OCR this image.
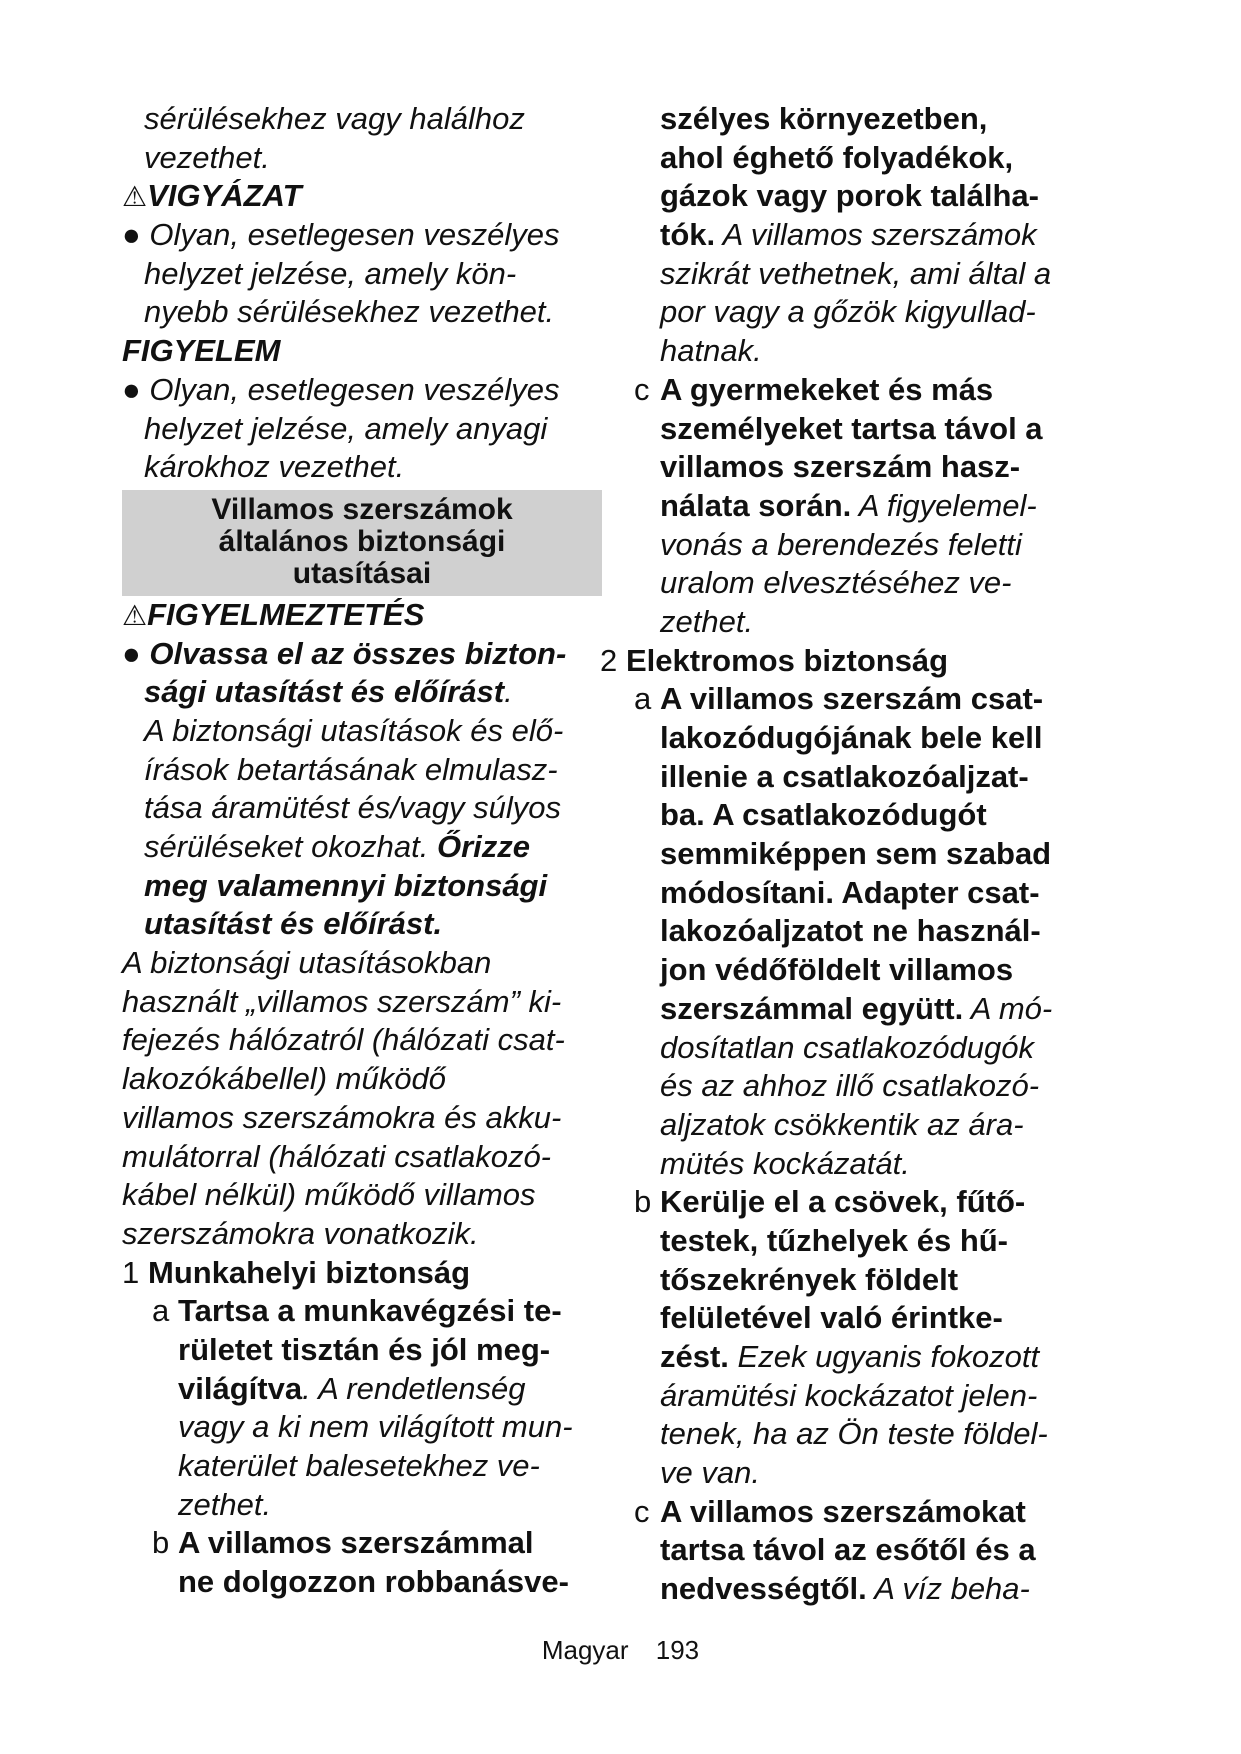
sérülésekhez vagy halálhoz
vezethet.
⚠VIGYÁZAT
● Olyan, esetlegesen veszélyes
helyzet jelzése, amely kön-
nyebb sérülésekhez vezethet.
FIGYELEM
● Olyan, esetlegesen veszélyes
helyzet jelzése, amely anyagi
károkhoz vezethet.
Villamos szerszámok
általános biztonsági
utasításai
⚠FIGYELMEZTETÉS
● Olvassa el az összes bizton-
sági utasítást és előírást.
A biztonsági utasítások és elő-
írások betartásának elmulasz-
tása áramütést és/vagy súlyos
sérüléseket okozhat. Őrizze
meg valamennyi biztonsági
utasítást és előírást.
A biztonsági utasításokban
használt „villamos szerszám” ki-
fejezés hálózatról (hálózati csat-
lakozókábellel) működő
villamos szerszámokra és akku-
mulátorral (hálózati csatlakozó-
kábel nélkül) működő villamos
szerszámokra vonatkozik.
1 Munkahelyi biztonság
a Tartsa a munkavégzési te-
rületet tisztán és jól meg-
világítva. A rendetlenség
vagy a ki nem világított mun-
katerület balesetekhez ve-
zethet.
b A villamos szerszámmal
ne dolgozzon robbanásve-
szélyes környezetben,
ahol éghető folyadékok,
gázok vagy porok találha-
tók. A villamos szerszámok
szikrát vethetnek, ami által a
por vagy a gőzök kigyullad-
hatnak.
c A gyermekeket és más
személyeket tartsa távol a
villamos szerszám hasz-
nálata során. A figyelemel-
vonás a berendezés feletti
uralom elvesztéséhez ve-
zethet.
2 Elektromos biztonság
a A villamos szerszám csat-
lakozódugójának bele kell
illenie a csatlakozóaljzat-
ba. A csatlakozódugót
semmiképpen sem szabad
módosítani. Adapter csat-
lakozóaljzatot ne használ-
jon védőföldelt villamos
szerszámmal együtt. A mó-
dosítatlan csatlakozódugók
és az ahhoz illő csatlakozó-
aljzatok csökkentik az ára-
mütés kockázatát.
b Kerülje el a csövek, fűtő-
testek, tűzhelyek és hű-
tőszekrények földelt
felületével való érintke-
zést. Ezek ugyanis fokozott
áramütési kockázatot jelen-
tenek, ha az Ön teste földel-
ve van.
c A villamos szerszámokat
tartsa távol az esőtől és a
nedvességtől. A víz beha-
Magyar 193
